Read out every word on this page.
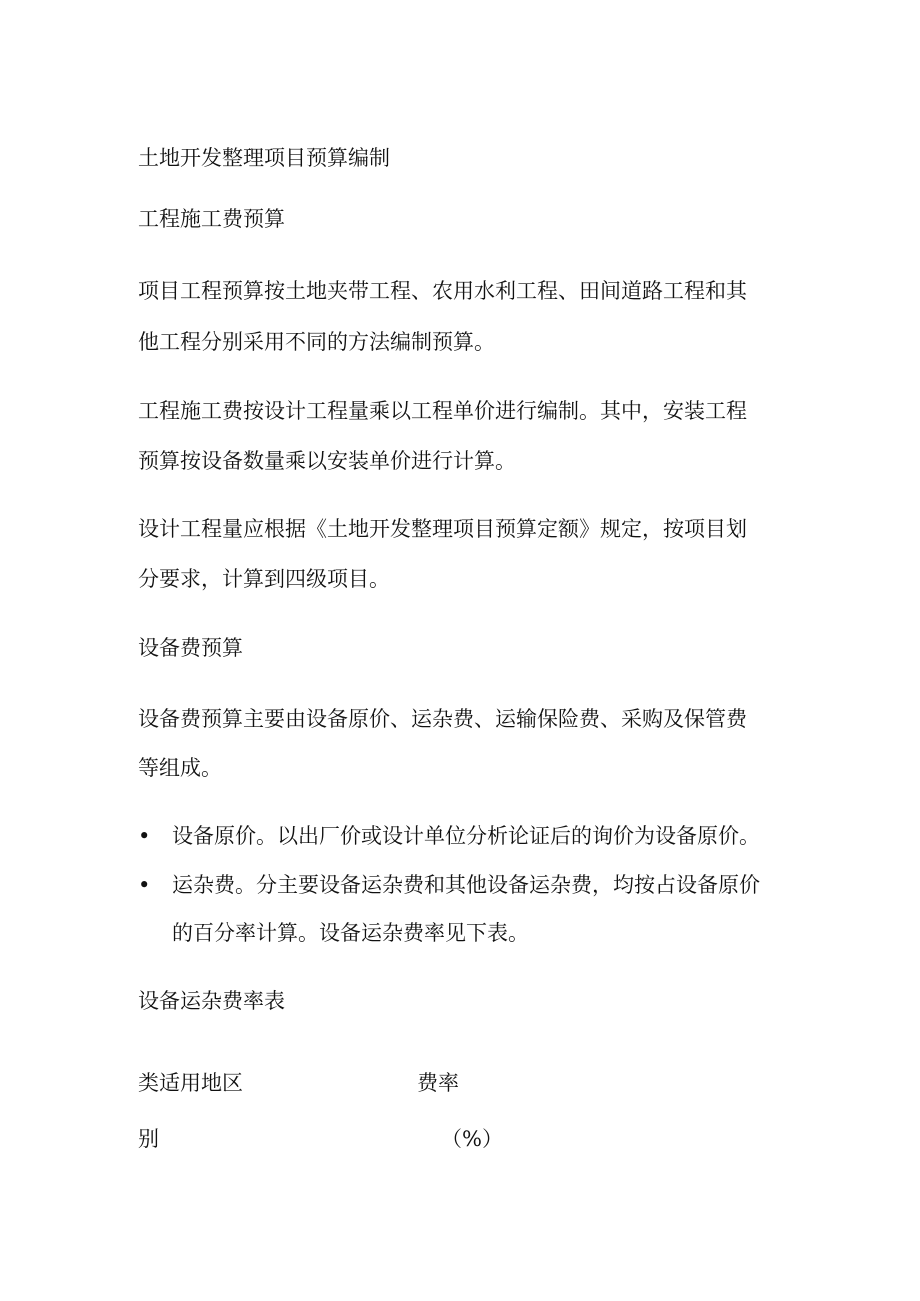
土地开发整理项目预算编制
工程施工费预算
项目工程预算按土地夹带工程、农用水利工程、田间道路工程和其
他工程分别采用不同的方法编制预算。
工程施工费按设计工程量乘以工程单价进行编制。其中，安装工程
预算按设备数量乘以安装单价进行计算。
设计工程量应根据《土地开发整理项目预算定额》规定，按项目划
分要求，计算到四级项目。
设备费预算
设备费预算主要由设备原价、运杂费、运输保险费、采购及保管费
等组成。
• 设备原价。以出厂价或设计单位分析论证后的询价为设备原价。
• 运杂费。分主要设备运杂费和其他设备运杂费，均按占设备原价
的百分率计算。设备运杂费率见下表。
设备运杂费率表
类适用地区
别
费率
（%）
